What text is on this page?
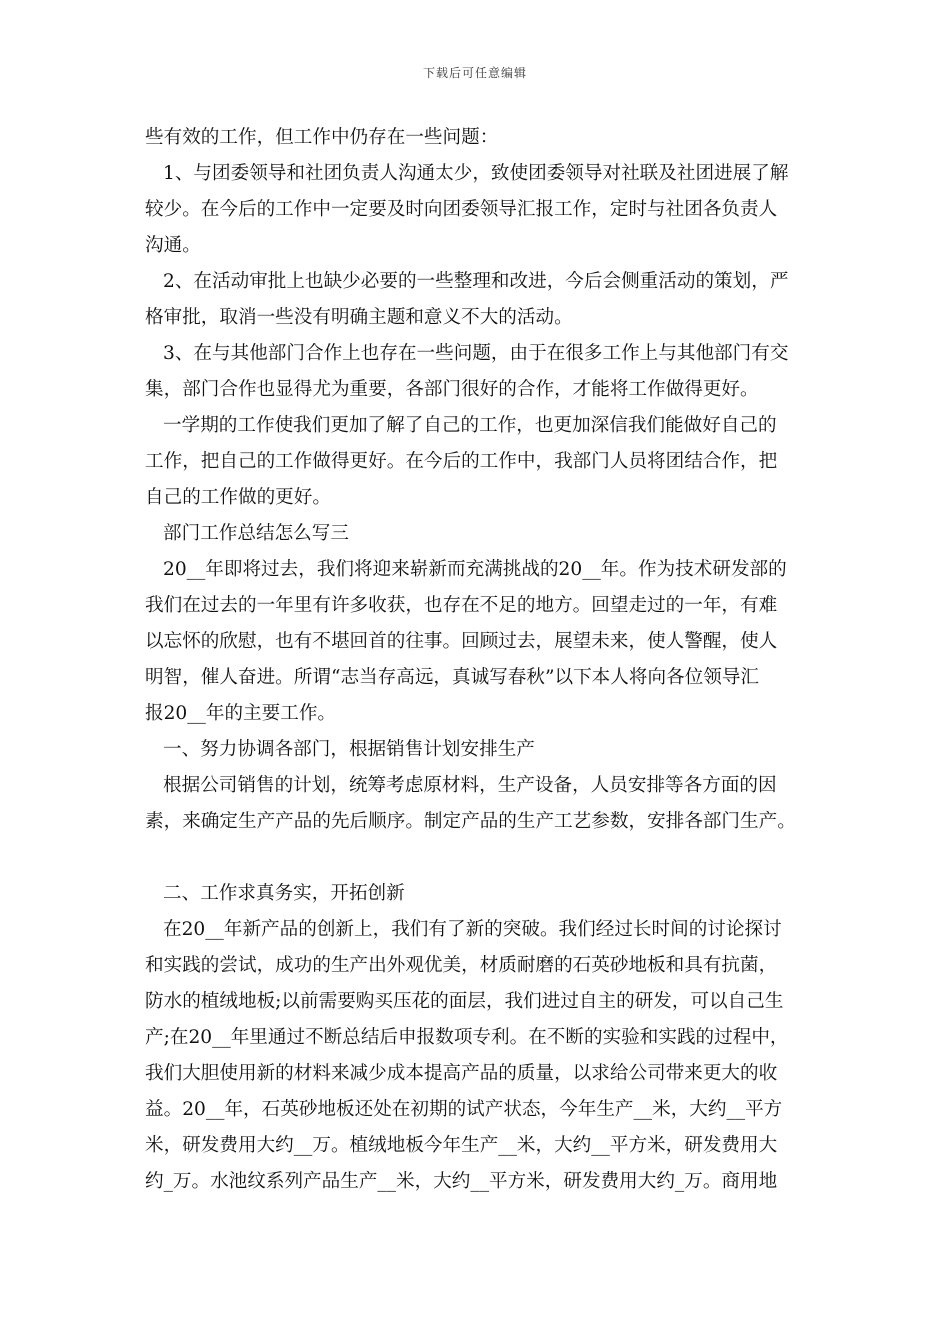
下载后可任意编辑
些有效的工作，但工作中仍存在一些问题：
1、与团委领导和社团负责人沟通太少，致使团委领导对社联及社团进展了解
较少。在今后的工作中一定要及时向团委领导汇报工作，定时与社团各负责人
沟通。
2、在活动审批上也缺少必要的一些整理和改进，今后会侧重活动的策划，严
格审批，取消一些没有明确主题和意义不大的活动。
3、在与其他部门合作上也存在一些问题，由于在很多工作上与其他部门有交
集，部门合作也显得尤为重要，各部门很好的合作，才能将工作做得更好。
一学期的工作使我们更加了解了自己的工作，也更加深信我们能做好自己的
工作，把自己的工作做得更好。在今后的工作中，我部门人员将团结合作，把
自己的工作做的更好。
部门工作总结怎么写三
20__年即将过去，我们将迎来崭新而充满挑战的20__年。作为技术研发部的
我们在过去的一年里有许多收获，也存在不足的地方。回望走过的一年，有难
以忘怀的欣慰，也有不堪回首的往事。回顾过去，展望未来，使人警醒，使人
明智，催人奋进。所谓“志当存高远，真诚写春秋”以下本人将向各位领导汇
报20__年的主要工作。
一、努力协调各部门，根据销售计划安排生产
根据公司销售的计划，统筹考虑原材料，生产设备，人员安排等各方面的因
素，来确定生产产品的先后顺序。制定产品的生产工艺参数，安排各部门生产。
二、工作求真务实，开拓创新
在20__年新产品的创新上，我们有了新的突破。我们经过长时间的讨论探讨
和实践的尝试，成功的生产出外观优美，材质耐磨的石英砂地板和具有抗菌，
防水的植绒地板;以前需要购买压花的面层，我们进过自主的研发，可以自己生
产;在20__年里通过不断总结后申报数项专利。在不断的实验和实践的过程中，
我们大胆使用新的材料来减少成本提高产品的质量，以求给公司带来更大的收
益。20__年，石英砂地板还处在初期的试产状态，今年生产__米，大约__平方
米，研发费用大约__万。植绒地板今年生产__米，大约__平方米，研发费用大
约_万。水池纹系列产品生产__米，大约__平方米，研发费用大约_万。商用地
